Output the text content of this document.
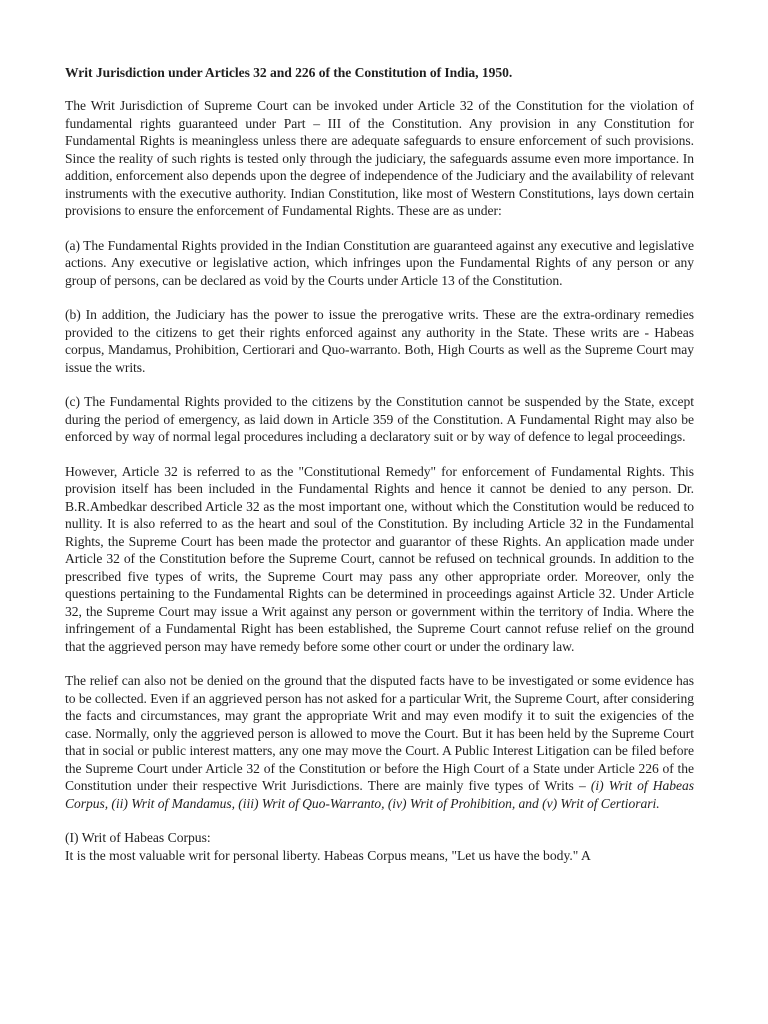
Writ Jurisdiction under Articles 32 and 226 of the Constitution of India, 1950.

The Writ Jurisdiction of Supreme Court can be invoked under Article 32 of the Constitution for the violation of fundamental rights guaranteed under Part – III of the Constitution. Any provision in any Constitution for Fundamental Rights is meaningless unless there are adequate safeguards to ensure enforcement of such provisions. Since the reality of such rights is tested only through the judiciary, the safeguards assume even more importance. In addition, enforcement also depends upon the degree of independence of the Judiciary and the availability of relevant instruments with the executive authority. Indian Constitution, like most of Western Constitutions, lays down certain provisions to ensure the enforcement of Fundamental Rights. These are as under:

(a) The Fundamental Rights provided in the Indian Constitution are guaranteed against any executive and legislative actions. Any executive or legislative action, which infringes upon the Fundamental Rights of any person or any group of persons, can be declared as void by the Courts under Article 13 of the Constitution.

(b) In addition, the Judiciary has the power to issue the prerogative writs. These are the extra-ordinary remedies provided to the citizens to get their rights enforced against any authority in the State. These writs are - Habeas corpus, Mandamus, Prohibition, Certiorari and Quo-warranto. Both, High Courts as well as the Supreme Court may issue the writs.

(c) The Fundamental Rights provided to the citizens by the Constitution cannot be suspended by the State, except during the period of emergency, as laid down in Article 359 of the Constitution. A Fundamental Right may also be enforced by way of normal legal procedures including a declaratory suit or by way of defence to legal proceedings.

However, Article 32 is referred to as the "Constitutional Remedy" for enforcement of Fundamental Rights. This provision itself has been included in the Fundamental Rights and hence it cannot be denied to any person. Dr. B.R.Ambedkar described Article 32 as the most important one, without which the Constitution would be reduced to nullity. It is also referred to as the heart and soul of the Constitution. By including Article 32 in the Fundamental Rights, the Supreme Court has been made the protector and guarantor of these Rights. An application made under Article 32 of the Constitution before the Supreme Court, cannot be refused on technical grounds. In addition to the prescribed five types of writs, the Supreme Court may pass any other appropriate order. Moreover, only the questions pertaining to the Fundamental Rights can be determined in proceedings against Article 32. Under Article 32, the Supreme Court may issue a Writ against any person or government within the territory of India. Where the infringement of a Fundamental Right has been established, the Supreme Court cannot refuse relief on the ground that the aggrieved person may have remedy before some other court or under the ordinary law.

The relief can also not be denied on the ground that the disputed facts have to be investigated or some evidence has to be collected. Even if an aggrieved person has not asked for a particular Writ, the Supreme Court, after considering the facts and circumstances, may grant the appropriate Writ and may even modify it to suit the exigencies of the case. Normally, only the aggrieved person is allowed to move the Court. But it has been held by the Supreme Court that in social or public interest matters, any one may move the Court. A Public Interest Litigation can be filed before the Supreme Court under Article 32 of the Constitution or before the High Court of a State under Article 226 of the Constitution under their respective Writ Jurisdictions. There are mainly five types of Writs – (i) Writ of Habeas Corpus, (ii) Writ of Mandamus, (iii) Writ of Quo-Warranto, (iv) Writ of Prohibition, and (v) Writ of Certiorari.

(I) Writ of Habeas Corpus:

It is the most valuable writ for personal liberty. Habeas Corpus means, "Let us have the body." A
